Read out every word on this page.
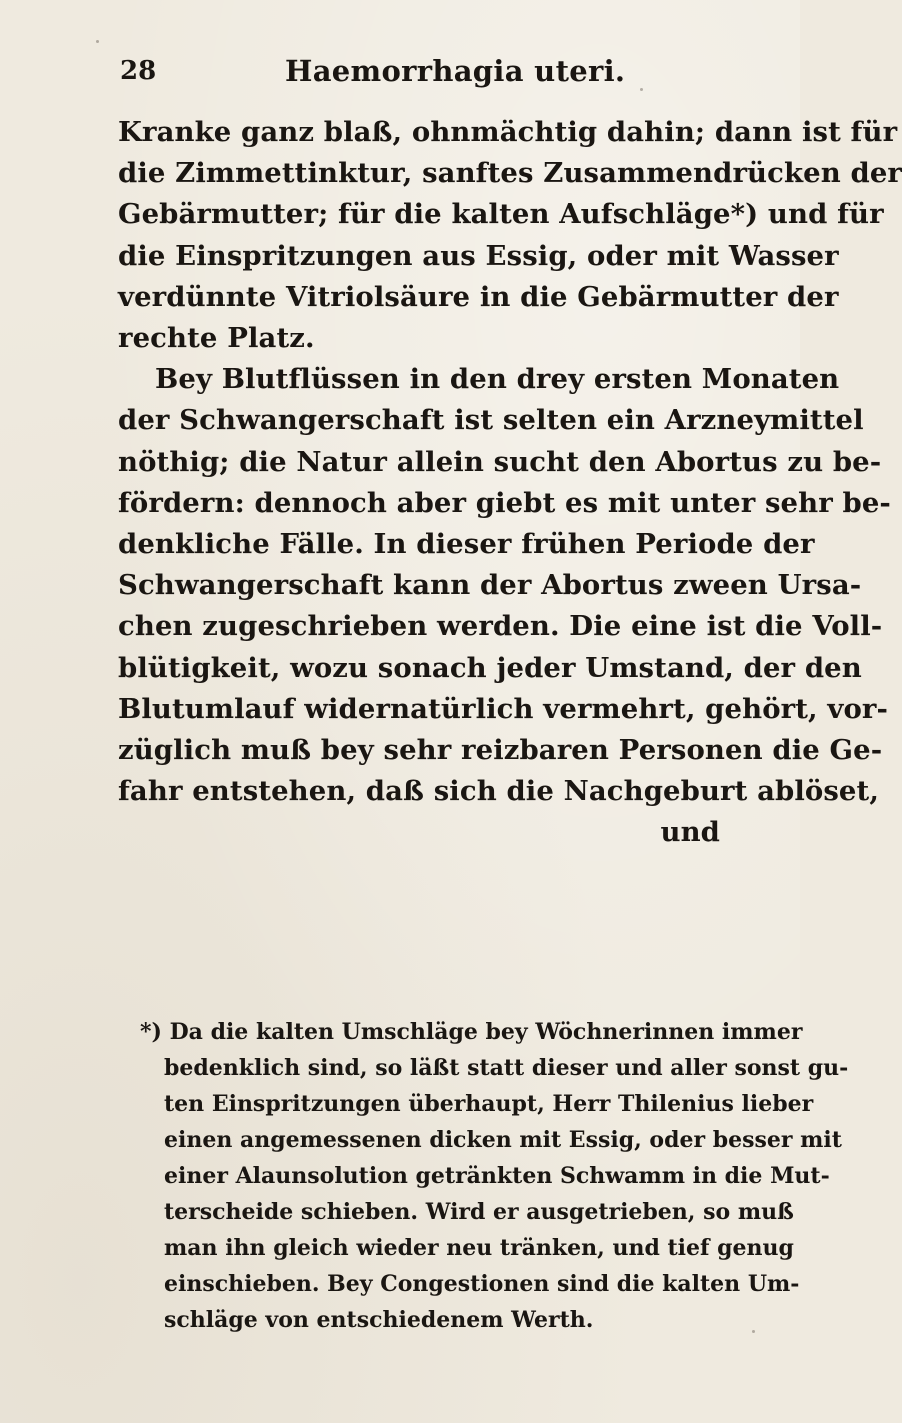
28	Haemorrhagia uteri.
Kranke ganz blaß, ohnmächtig dahin; dann ist für
die Zimmettinktur, sanftes Zusammendrücken der
Gebärmutter; für die kalten Aufschläge*) und für
die Einspritzungen aus Essig, oder mit Wasser
verdünnte Vitriolsäure in die Gebärmutter der
rechte Platz.
Bey Blutflüssen in den drey ersten Monaten
der Schwangerschaft ist selten ein Arzneymittel
nöthig; die Natur allein sucht den Abortus zu be-
fördern: dennoch aber giebt es mit unter sehr be-
denkliche Fälle. In dieser frühen Periode der
Schwangerschaft kann der Abortus zween Ursa-
chen zugeschrieben werden. Die eine ist die Voll-
blütigkeit, wozu sonach jeder Umstand, der den
Blutumlauf widernatürlich vermehrt, gehört, vor-
züglich muß bey sehr reizbaren Personen die Ge-
fahr entstehen, daß sich die Nachgeburt ablöset,
und
*) Da die kalten Umschläge bey Wöchnerinnen immer
bedenklich sind, so läßt statt dieser und aller sonst gu-
ten Einspritzungen überhaupt, Herr Thilenius lieber
einen angemessenen dicken mit Essig, oder besser mit
einer Alaunsolution getränkten Schwamm in die Mut-
terscheide schieben. Wird er ausgetrieben, so muß
man ihn gleich wieder neu tränken, und tief genug
einschieben. Bey Congestionen sind die kalten Um-
schläge von entschiedenem Werth.
